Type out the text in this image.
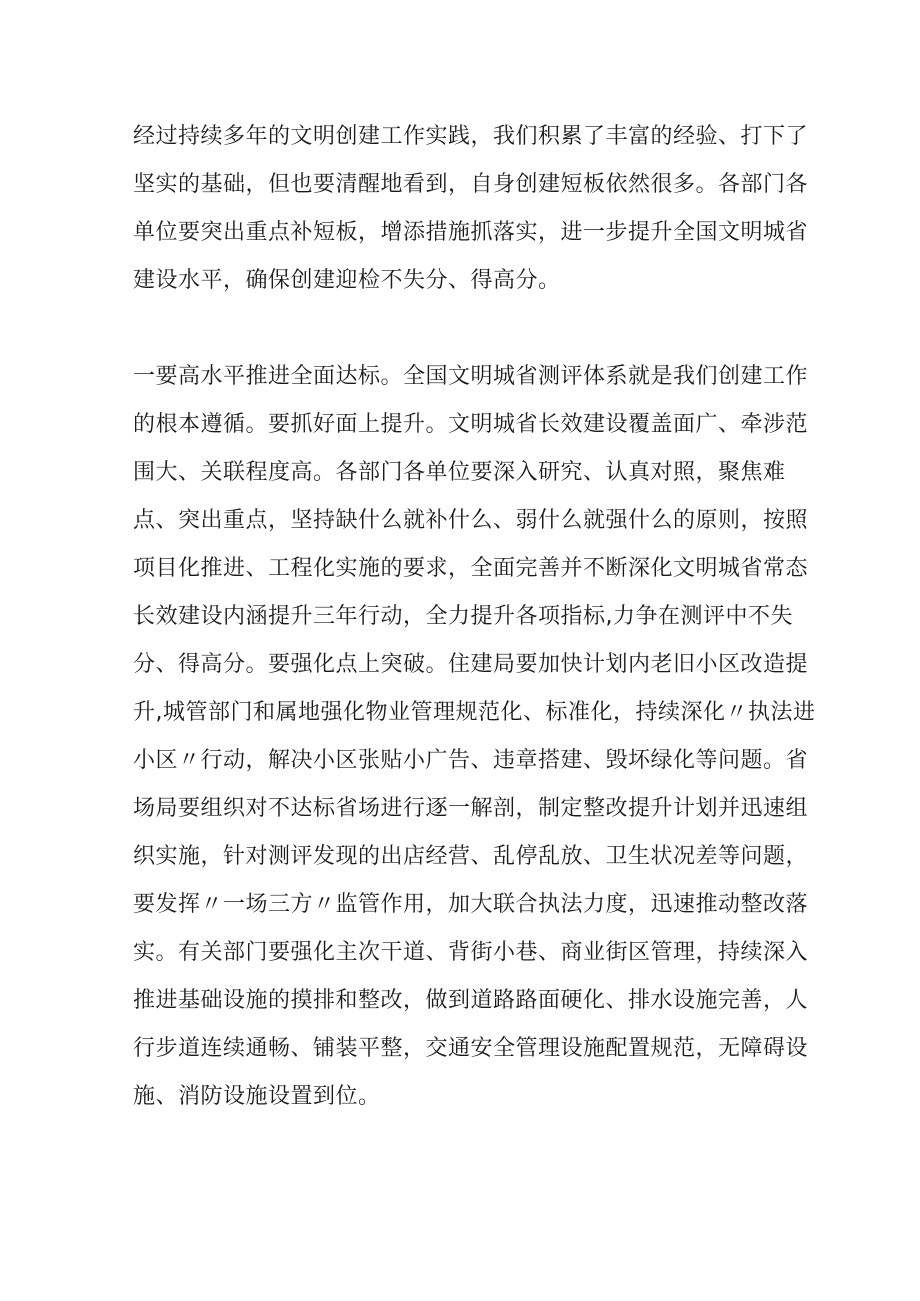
经过持续多年的文明创建工作实践，我们积累了丰富的经验、打下了
坚实的基础，但也要清醒地看到，自身创建短板依然很多。各部门各
单位要突出重点补短板，增添措施抓落实，进一步提升全国文明城省
建设水平，确保创建迎检不失分、得高分。
一要高水平推进全面达标。全国文明城省测评体系就是我们创建工作
的根本遵循。要抓好面上提升。文明城省长效建设覆盖面广、牵涉范
围大、关联程度高。各部门各单位要深入研究、认真对照，聚焦难
点、突出重点，坚持缺什么就补什么、弱什么就强什么的原则，按照
项目化推进、工程化实施的要求，全面完善并不断深化文明城省常态
长效建设内涵提升三年行动，全力提升各项指标,力争在测评中不失
分、得高分。要强化点上突破。住建局要加快计划内老旧小区改造提
升,城管部门和属地强化物业管理规范化、标准化，持续深化〃执法进
小区〃行动，解决小区张贴小广告、违章搭建、毁坏绿化等问题。省
场局要组织对不达标省场进行逐一解剖，制定整改提升计划并迅速组
织实施，针对测评发现的出店经营、乱停乱放、卫生状况差等问题，
要发挥〃一场三方〃监管作用，加大联合执法力度，迅速推动整改落
实。有关部门要强化主次干道、背街小巷、商业街区管理，持续深入
推进基础设施的摸排和整改，做到道路路面硬化、排水设施完善，人
行步道连续通畅、铺装平整，交通安全管理设施配置规范，无障碍设
施、消防设施设置到位。
